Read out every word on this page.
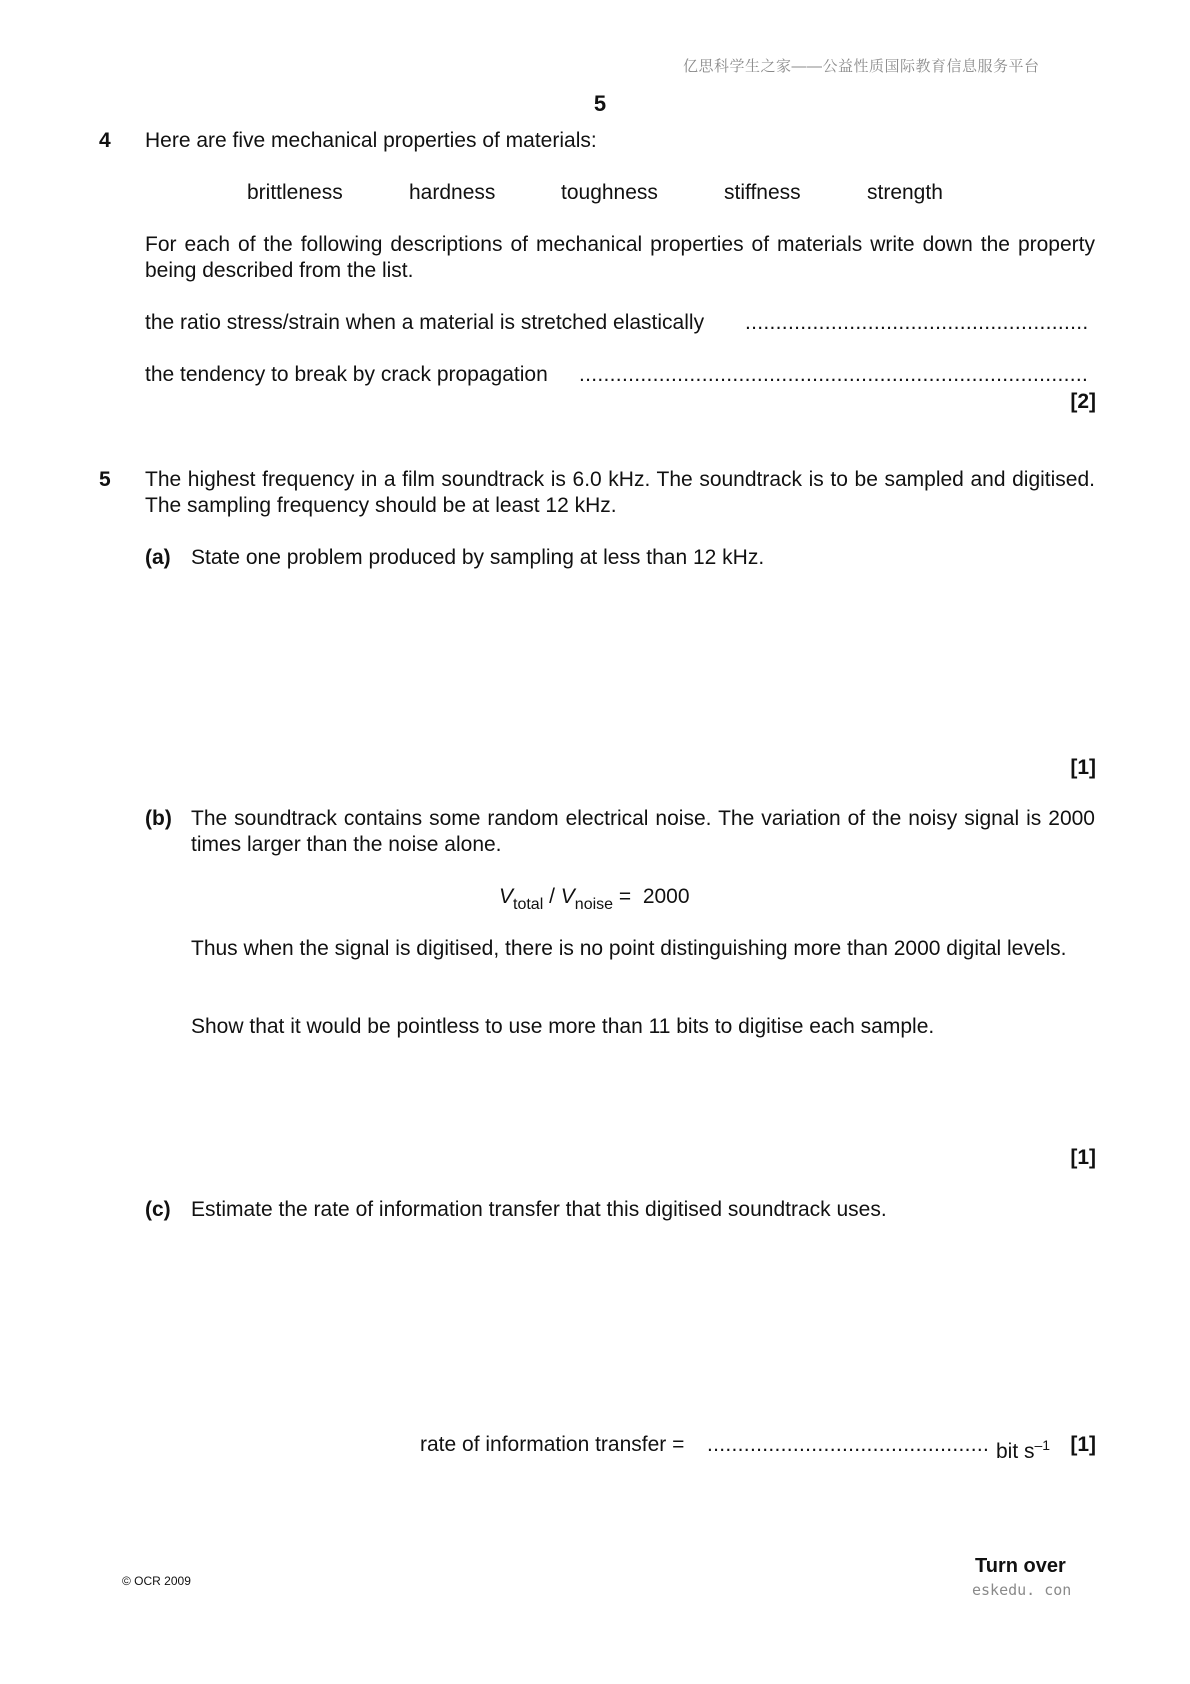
亿思科学生之家——公益性质国际教育信息服务平台
5
4 Here are five mechanical properties of materials:
brittleness	hardness	toughness	stiffness	strength
For each of the following descriptions of mechanical properties of materials write down the property being described from the list.
the ratio stress/strain when a material is stretched elastically ........................................................
the tendency to break by crack propagation ...................................................................................
[2]
5 The highest frequency in a film soundtrack is 6.0 kHz. The soundtrack is to be sampled and digitised. The sampling frequency should be at least 12 kHz.
(a) State one problem produced by sampling at less than 12 kHz.
[1]
(b) The soundtrack contains some random electrical noise. The variation of the noisy signal is 2000 times larger than the noise alone.
$V_{total} / V_{noise} = 2000$
Thus when the signal is digitised, there is no point distinguishing more than 2000 digital levels.
Show that it would be pointless to use more than 11 bits to digitise each sample.
[1]
(c) Estimate the rate of information transfer that this digitised soundtrack uses.
rate of information transfer = .............................................. bit $s^{-1}$ [1]
© OCR 2009
Turn over
eskedu. con
